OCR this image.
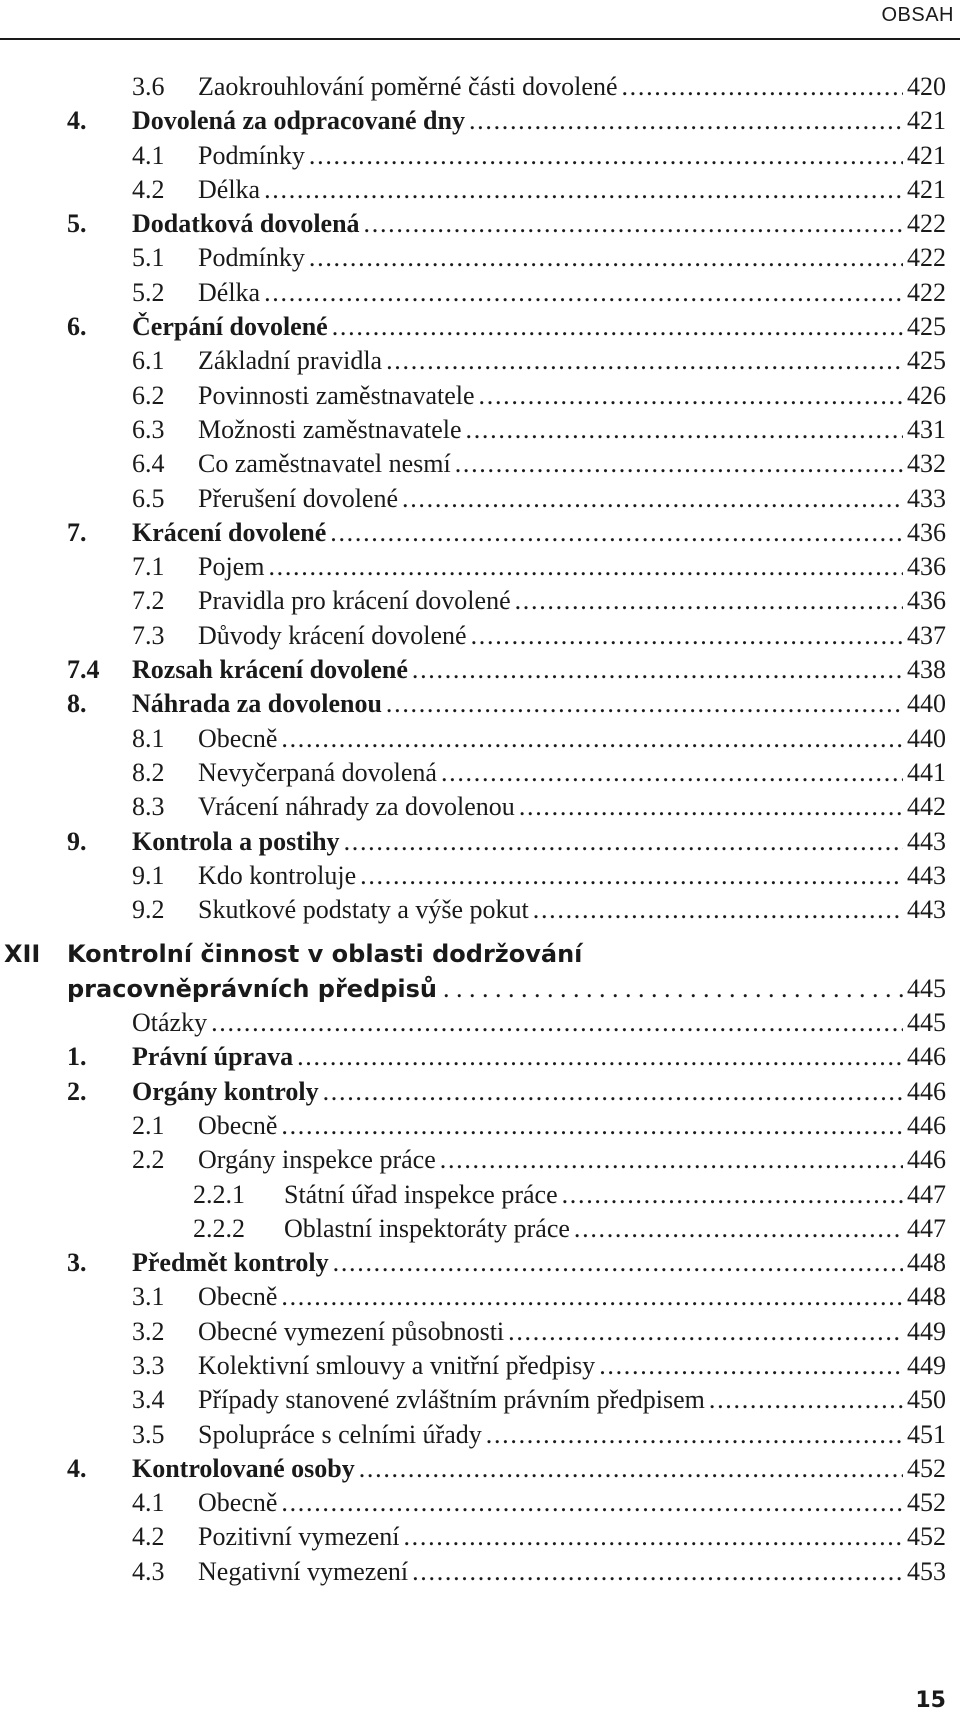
OBSAH
3.6 Zaokrouhlování poměrné části dovolené . . .	420
4. Dovolená za odpracované dny . . .	421
4.1 Podmínky . . .	421
4.2 Délka . . .	421
5. Dodatková dovolená . . .	422
5.1 Podmínky . . .	422
5.2 Délka . . .	422
6. Čerpání dovolené . . .	425
6.1 Základní pravidla . . .	425
6.2 Povinnosti zaměstnavatele . . .	426
6.3 Možnosti zaměstnavatele . . .	431
6.4 Co zaměstnavatel nesmí . . .	432
6.5 Přerušení dovolené . . .	433
7. Krácení dovolené . . .	436
7.1 Pojem . . .	436
7.2 Pravidla pro krácení dovolené . . .	436
7.3 Důvody krácení dovolené . . .	437
7.4 Rozsah krácení dovolené . . .	438
8. Náhrada za dovolenou . . .	440
8.1 Obecně . . .	440
8.2 Nevyčerpaná dovolená . . .	441
8.3 Vrácení náhrady za dovolenou . . .	442
9. Kontrola a postihy . . .	443
9.1 Kdo kontroluje . . .	443
9.2 Skutkové podstaty a výše pokut . . .	443
XII Kontrolní činnost v oblasti dodržování
pracovněprávních předpisů . . .	445
Otázky . . .	445
1. Právní úprava . . .	446
2. Orgány kontroly . . .	446
2.1 Obecně . . .	446
2.2 Orgány inspekce práce . . .	446
2.2.1 Státní úřad inspekce práce . . .	447
2.2.2 Oblastní inspektoráty práce . . .	447
3. Předmět kontroly . . .	448
3.1 Obecně . . .	448
3.2 Obecné vymezení působnosti . . .	449
3.3 Kolektivní smlouvy a vnitřní předpisy . . .	449
3.4 Případy stanovené zvláštním právním předpisem . . .	450
3.5 Spolupráce s celními úřady . . .	451
4. Kontrolované osoby . . .	452
4.1 Obecně . . .	452
4.2 Pozitivní vymezení . . .	452
4.3 Negativní vymezení . . .	453
15
